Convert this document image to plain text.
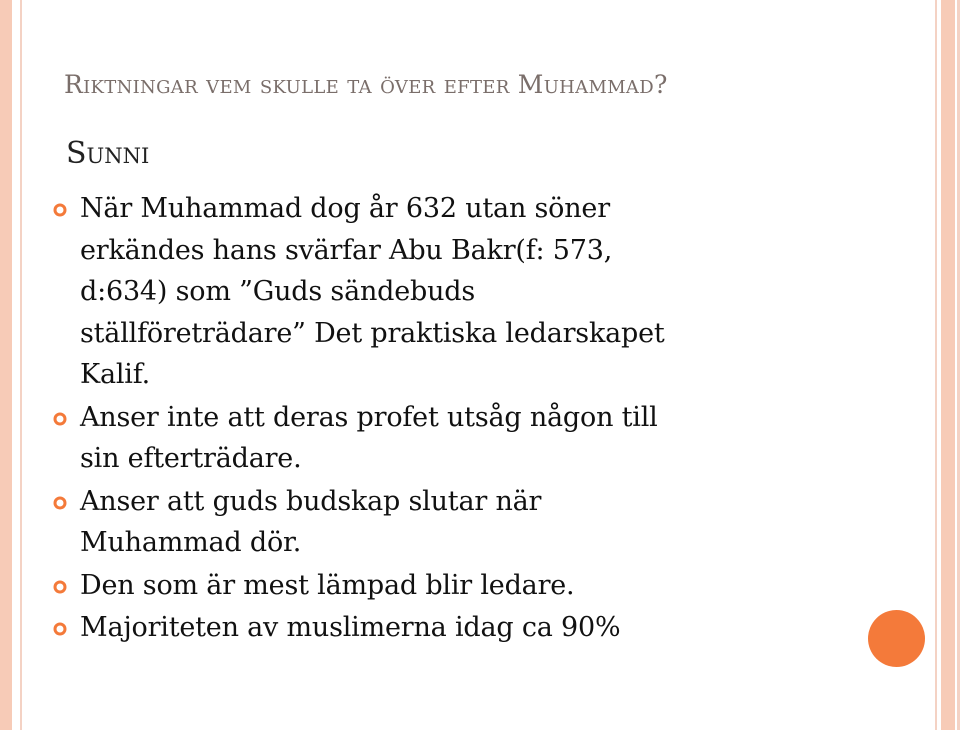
Riktningar vem skulle ta över efter Muhammad?
Sunni
När Muhammad dog år 632 utan söner erkändes hans svärfar Abu Bakr(f: 573, d:634) som ”Guds sändebuds ställföreträdare” Det praktiska ledarskapet Kalif.
Anser inte att deras profet utsåg någon till sin efterträdare.
Anser att guds budskap slutar när Muhammad dör.
Den som är mest lämpad blir ledare.
Majoriteten av muslimerna idag ca 90%
